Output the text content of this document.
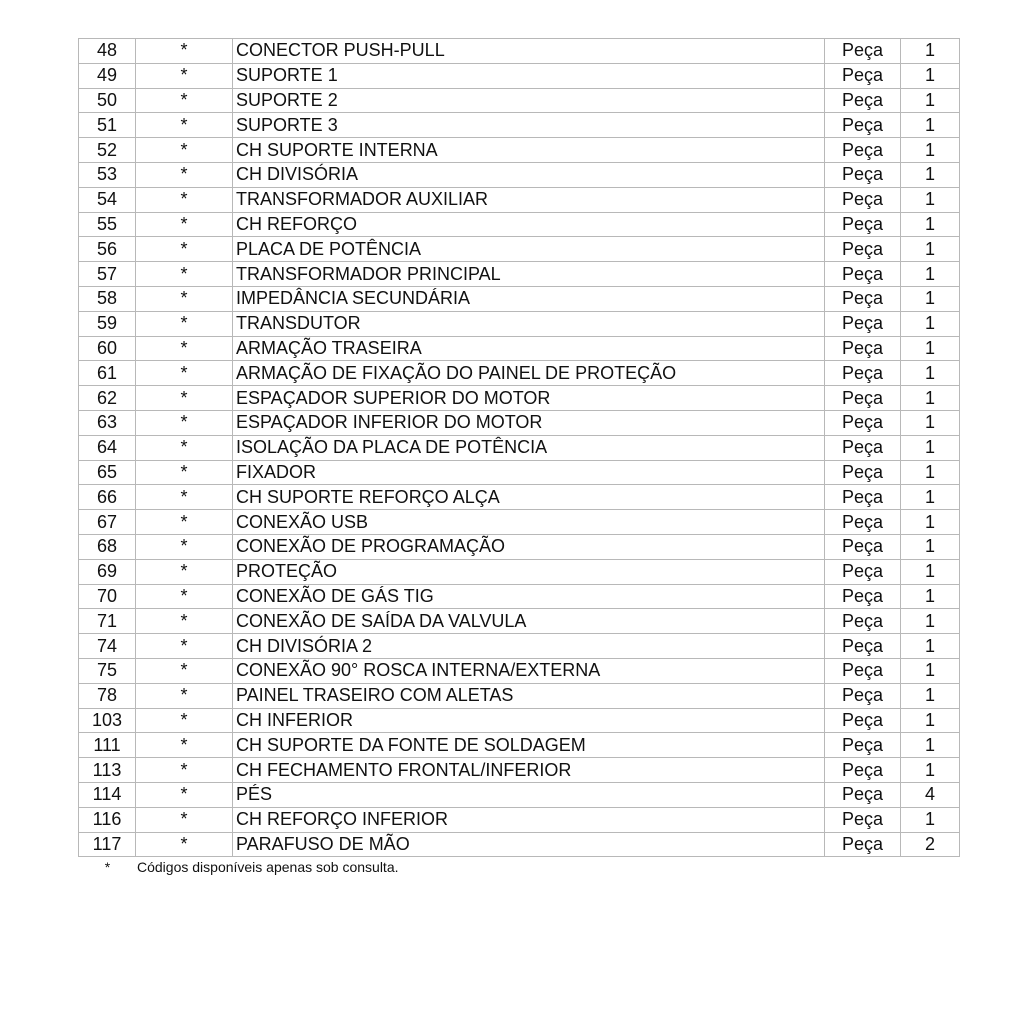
48	*	CONECTOR PUSH-PULL	Peça	1
49	*	SUPORTE 1	Peça	1
50	*	SUPORTE 2	Peça	1
51	*	SUPORTE 3	Peça	1
52	*	CH SUPORTE INTERNA	Peça	1
53	*	CH DIVISÓRIA	Peça	1
54	*	TRANSFORMADOR AUXILIAR	Peça	1
55	*	CH REFORÇO	Peça	1
56	*	PLACA DE POTÊNCIA	Peça	1
57	*	TRANSFORMADOR PRINCIPAL	Peça	1
58	*	IMPEDÂNCIA SECUNDÁRIA	Peça	1
59	*	TRANSDUTOR	Peça	1
60	*	ARMAÇÃO TRASEIRA	Peça	1
61	*	ARMAÇÃO DE FIXAÇÃO DO PAINEL DE PROTEÇÃO	Peça	1
62	*	ESPAÇADOR SUPERIOR DO MOTOR	Peça	1
63	*	ESPAÇADOR INFERIOR DO MOTOR	Peça	1
64	*	ISOLAÇÃO DA PLACA DE POTÊNCIA	Peça	1
65	*	FIXADOR	Peça	1
66	*	CH SUPORTE REFORÇO ALÇA	Peça	1
67	*	CONEXÃO USB	Peça	1
68	*	CONEXÃO DE PROGRAMAÇÃO	Peça	1
69	*	PROTEÇÃO	Peça	1
70	*	CONEXÃO DE GÁS TIG	Peça	1
71	*	CONEXÃO DE SAÍDA DA VALVULA	Peça	1
74	*	CH DIVISÓRIA 2	Peça	1
75	*	CONEXÃO 90° ROSCA INTERNA/EXTERNA	Peça	1
78	*	PAINEL TRASEIRO COM ALETAS	Peça	1
103	*	CH INFERIOR	Peça	1
111	*	CH SUPORTE DA FONTE DE SOLDAGEM	Peça	1
113	*	CH FECHAMENTO FRONTAL/INFERIOR	Peça	1
114	*	PÉS	Peça	4
116	*	CH REFORÇO INFERIOR	Peça	1
117	*	PARAFUSO DE MÃO	Peça	2
*	Códigos disponíveis apenas sob consulta.
